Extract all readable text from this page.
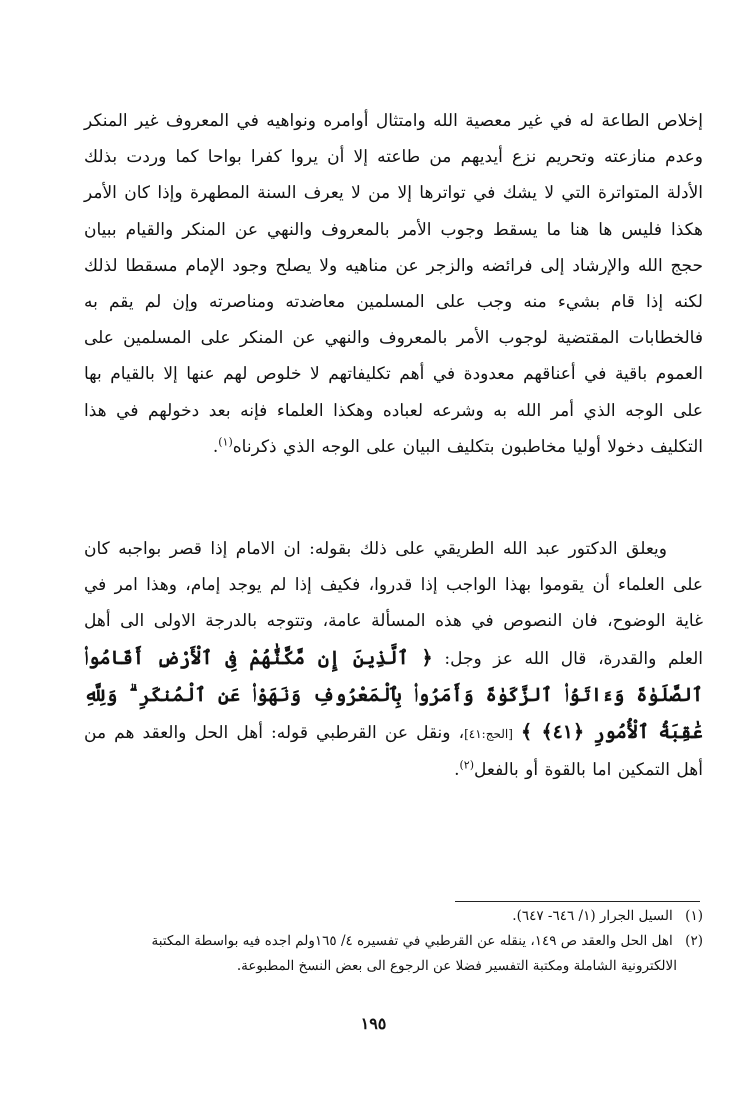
إخلاص الطاعة له في غير معصية الله وامتثال أوامره ونواهيه في المعروف غير المنكر وعدم منازعته وتحريم نزع أيديهم من طاعته إلا أن يروا كفرا بواحا كما وردت بذلك الأدلة المتواترة التي لا يشك في تواترها إلا من لا يعرف السنة المطهرة وإذا كان الأمر هكذا فليس ها هنا ما يسقط وجوب الأمر بالمعروف والنهي عن المنكر والقيام ببيان حجج الله والإرشاد إلى فرائضه والزجر عن مناهيه ولا يصلح وجود الإمام مسقطا لذلك لكنه إذا قام بشيء منه وجب على المسلمين معاضدته ومناصرته وإن لم يقم به فالخطابات المقتضية لوجوب الأمر بالمعروف والنهي عن المنكر على المسلمين على العموم باقية في أعناقهم معدودة في أهم تكليفاتهم لا خلوص لهم عنها إلا بالقيام بها على الوجه الذي أمر الله به وشرعه لعباده وهكذا العلماء فإنه بعد دخولهم في هذا التكليف دخولا أوليا مخاطبون بتكليف البيان على الوجه الذي ذكرناه$^{(١)}$.

ويعلق الدكتور عبد الله الطريقي على ذلك بقوله: ان الامام إذا قصر بواجبه كان على العلماء أن يقوموا بهذا الواجب إذا قدروا، فكيف إذا لم يوجد إمام، وهذا امر في غاية الوضوح، فان النصوص في هذه المسألة عامة، وتتوجه بالدرجة الاولى الى أهل العلم والقدرة، قال الله عز وجل: ﴿ ٱلَّذِينَ إِن مَّكَّنَّٰهُمْ فِى ٱلْأَرْضِ أَقَامُوا۟ ٱلصَّلَوٰةَ وَءَاتَوُا۟ ٱلزَّكَوٰةَ وَأَمَرُوا۟ بِٱلْمَعْرُوفِ وَنَهَوْا۟ عَنِ ٱلْمُنكَرِ ۗ وَلِلَّهِ عَٰقِبَةُ ٱلْأُمُورِ ﴿٤١﴾ ﴾ [الحج:٤١]، ونقل عن القرطبي قوله: أهل الحل والعقد هم من أهل التمكين اما بالقوة أو بالفعل$^{(٢)}$.

(١) السيل الجرار (١/ ٦٤٦- ٦٤٧).

(٢) اهل الحل والعقد ص ١٤٩، ينقله عن القرطبي في تفسيره ٤/ ١٦٥ولم اجده فيه بواسطة المكتبة

الالكترونية الشاملة ومكتبة التفسير فضلا عن الرجوع الى بعض النسخ المطبوعة.

١٩٥
